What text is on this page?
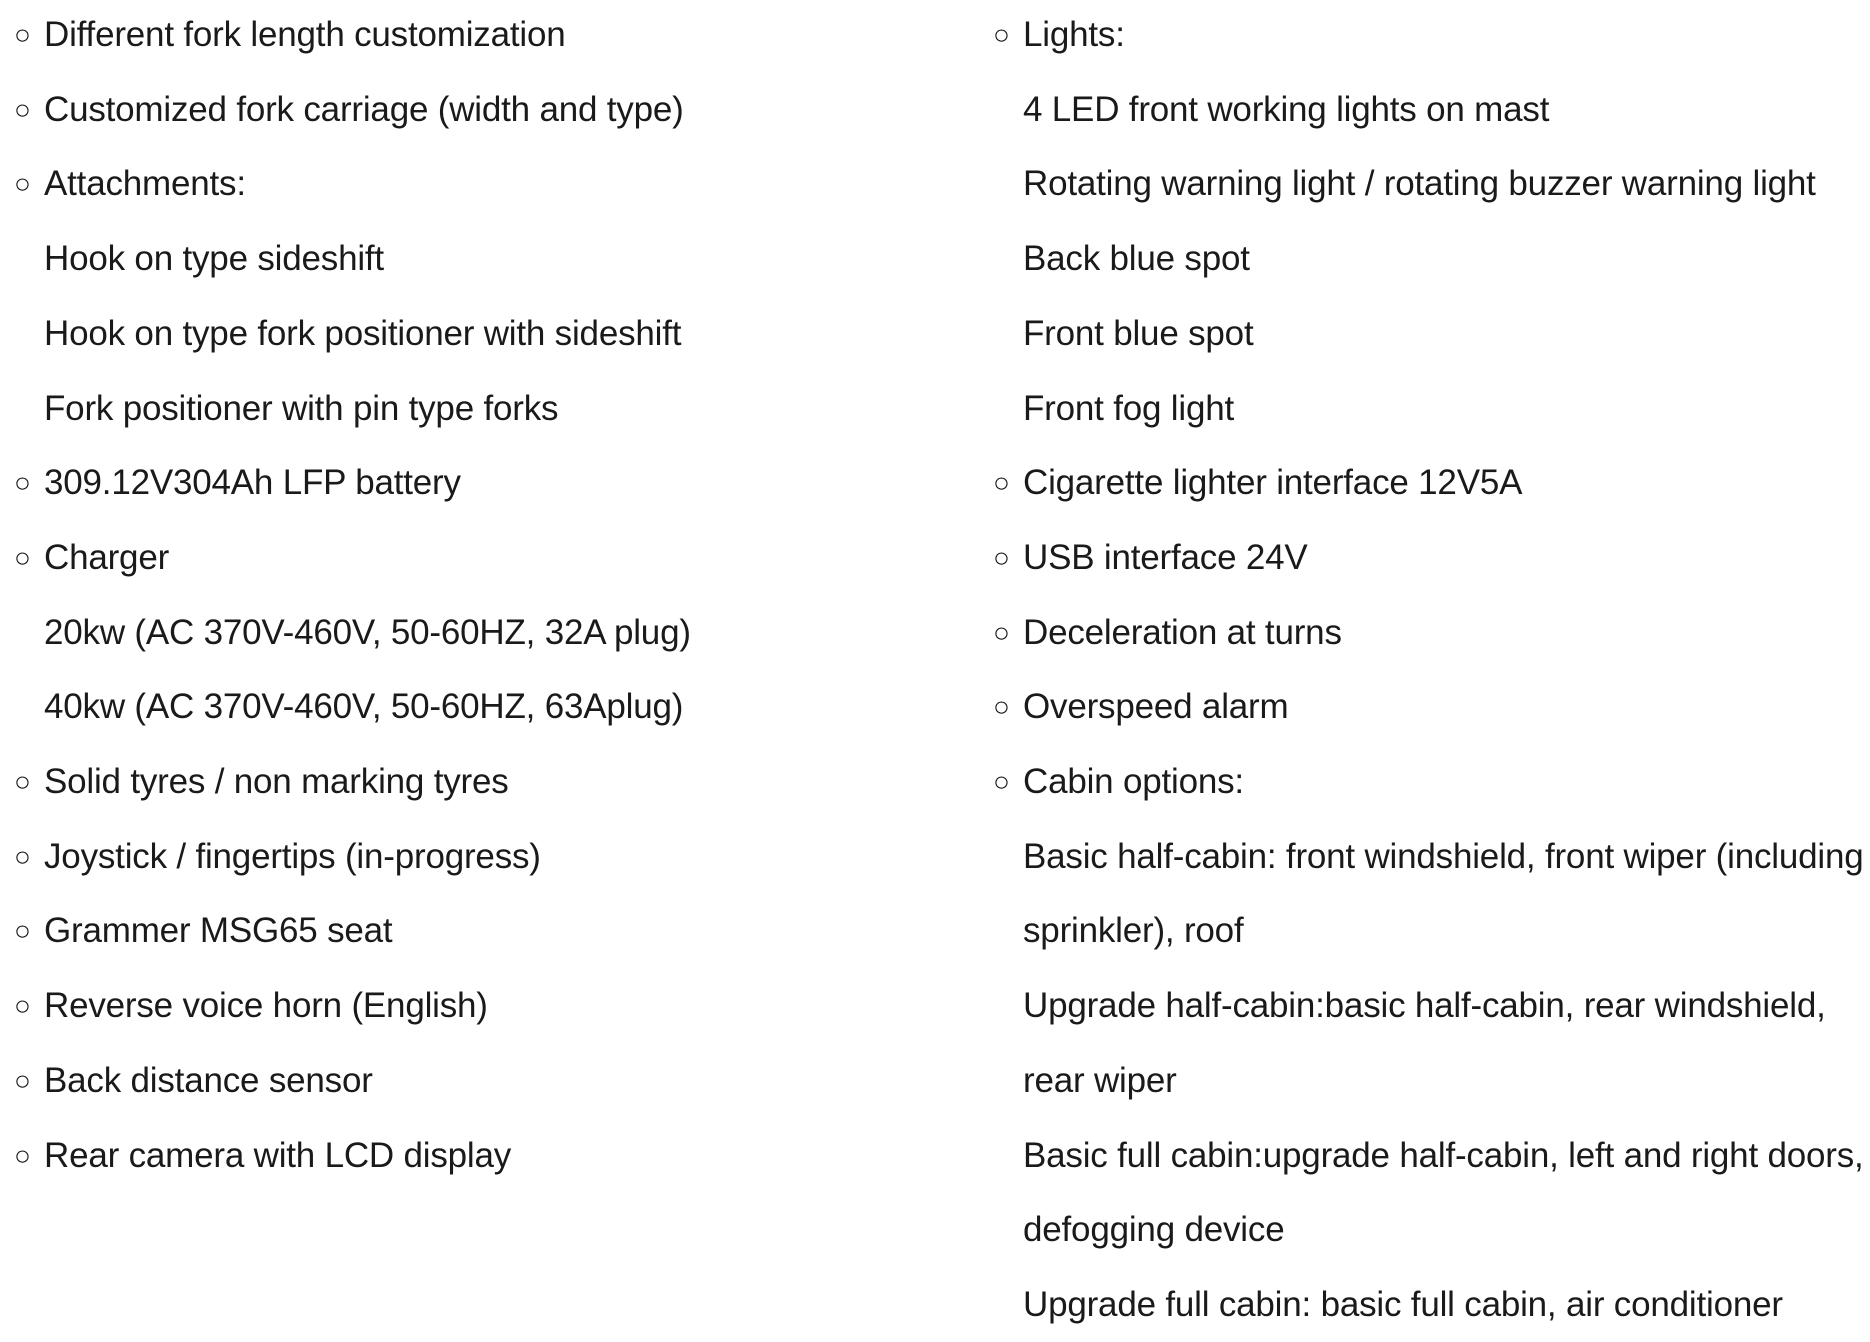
○ Different fork length customization
○ Customized fork carriage (width and type)
○ Attachments:
Hook on type sideshift
Hook on type fork positioner with sideshift
Fork positioner with pin type forks
○ 309.12V304Ah LFP battery
○ Charger
20kw (AC 370V-460V, 50-60HZ, 32A plug)
40kw (AC 370V-460V, 50-60HZ, 63Aplug)
○ Solid tyres / non marking tyres
○ Joystick / fingertips (in-progress)
○ Grammer MSG65 seat
○ Reverse voice horn (English)
○ Back distance sensor
○ Rear camera with LCD display
○ Lights:
4 LED front working lights on mast
Rotating warning light / rotating buzzer warning light
Back blue spot
Front blue spot
Front fog light
○ Cigarette lighter interface 12V5A
○ USB interface 24V
○ Deceleration at turns
○ Overspeed alarm
○ Cabin options:
Basic half-cabin: front windshield, front wiper (including
sprinkler), roof
Upgrade half-cabin:basic half-cabin, rear windshield,
rear wiper
Basic full cabin:upgrade half-cabin, left and right doors,
defogging device
Upgrade full cabin: basic full cabin, air conditioner
